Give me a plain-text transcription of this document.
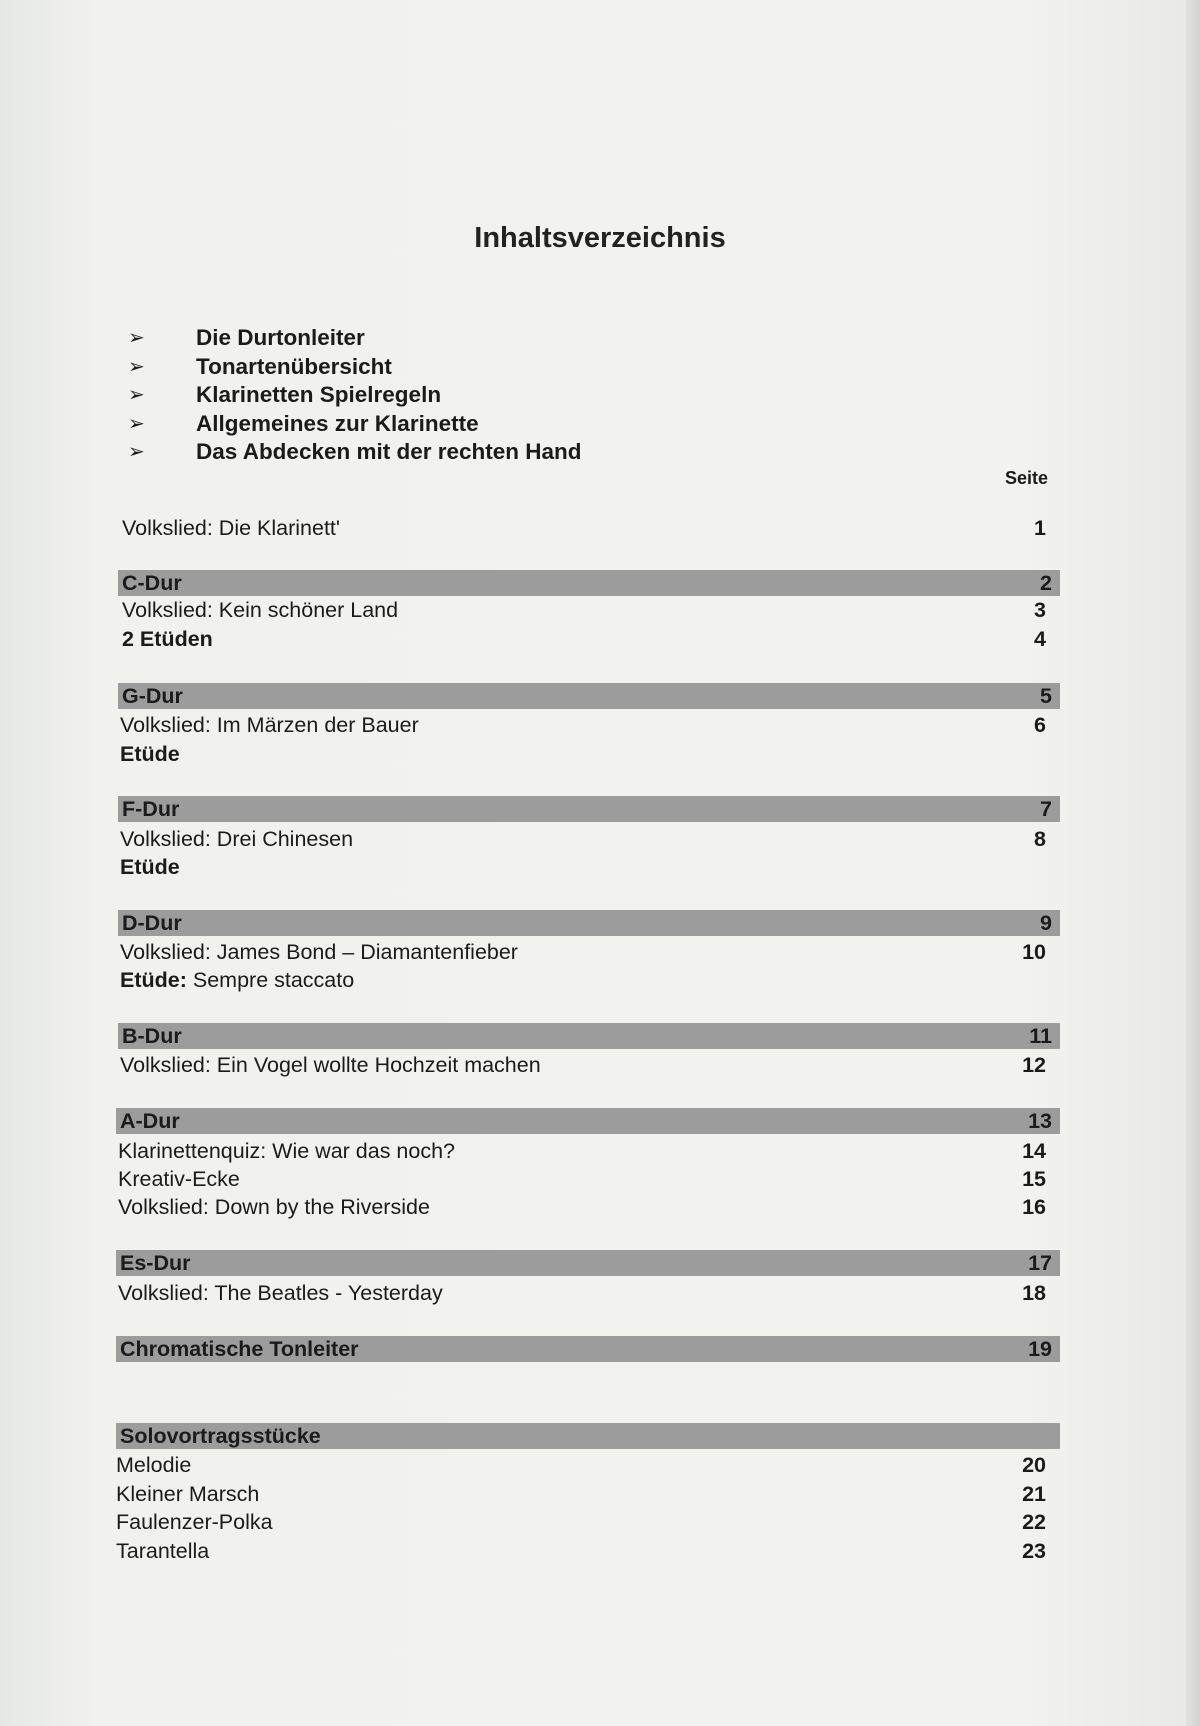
Inhaltsverzeichnis
➢	Die Durtonleiter
➢	Tonartenübersicht
➢	Klarinetten Spielregeln
➢	Allgemeines zur Klarinette
➢	Das Abdecken mit der rechten Hand
Seite
Volkslied: Die Klarinett'	1
C-Dur	2
Volkslied: Kein schöner Land	3
2 Etüden	4
G-Dur	5
Volkslied: Im Märzen der Bauer	6
Etüde
F-Dur	7
Volkslied: Drei Chinesen	8
Etüde
D-Dur	9
Volkslied: James Bond – Diamantenfieber	10
Etüde: Sempre staccato
B-Dur	11
Volkslied: Ein Vogel wollte Hochzeit machen	12
A-Dur	13
Klarinettenquiz: Wie war das noch?	14
Kreativ-Ecke	15
Volkslied: Down by the Riverside	16
Es-Dur	17
Volkslied: The Beatles - Yesterday	18
Chromatische Tonleiter	19
Solovortragsstücke
Melodie	20
Kleiner Marsch	21
Faulenzer-Polka	22
Tarantella	23
